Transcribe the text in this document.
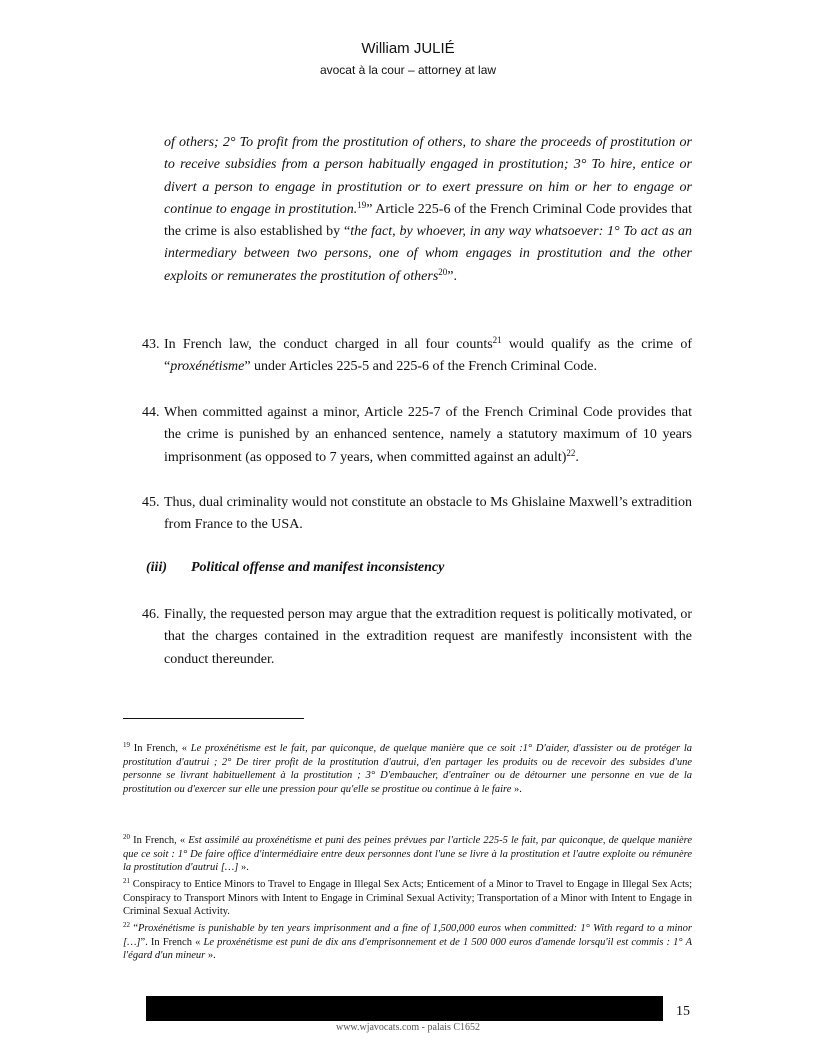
William JULIÉ
avocat à la cour – attorney at law
of others; 2° To profit from the prostitution of others, to share the proceeds of prostitution or to receive subsidies from a person habitually engaged in prostitution; 3° To hire, entice or divert a person to engage in prostitution or to exert pressure on him or her to engage or continue to engage in prostitution.$^{19}$” Article 225-6 of the French Criminal Code provides that the crime is also established by “the fact, by whoever, in any way whatsoever: 1° To act as an intermediary between two persons, one of whom engages in prostitution and the other exploits or remunerates the prostitution of others$^{20}$”.
43. In French law, the conduct charged in all four counts$^{21}$ would qualify as the crime of “proxénétisme” under Articles 225-5 and 225-6 of the French Criminal Code.
44. When committed against a minor, Article 225-7 of the French Criminal Code provides that the crime is punished by an enhanced sentence, namely a statutory maximum of 10 years imprisonment (as opposed to 7 years, when committed against an adult)$^{22}$.
45. Thus, dual criminality would not constitute an obstacle to Ms Ghislaine Maxwell’s extradition from France to the USA.
(iii) Political offense and manifest inconsistency
46. Finally, the requested person may argue that the extradition request is politically motivated, or that the charges contained in the extradition request are manifestly inconsistent with the conduct thereunder.
$^{19}$ In French, « Le proxénétisme est le fait, par quiconque, de quelque manière que ce soit :1° D'aider, d'assister ou de protéger la prostitution d'autrui ; 2° De tirer profit de la prostitution d'autrui, d'en partager les produits ou de recevoir des subsides d'une personne se livrant habituellement à la prostitution ; 3° D'embaucher, d'entraîner ou de détourner une personne en vue de la prostitution ou d'exercer sur elle une pression pour qu'elle se prostitue ou continue à le faire ».
$^{20}$ In French, « Est assimilé au proxénétisme et puni des peines prévues par l'article 225-5 le fait, par quiconque, de quelque manière que ce soit : 1° De faire office d'intermédiaire entre deux personnes dont l'une se livre à la prostitution et l'autre exploite ou rémunère la prostitution d'autrui […] ».
$^{21}$ Conspiracy to Entice Minors to Travel to Engage in Illegal Sex Acts; Enticement of a Minor to Travel to Engage in Illegal Sex Acts; Conspiracy to Transport Minors with Intent to Engage in Criminal Sexual Activity; Transportation of a Minor with Intent to Engage in Criminal Sexual Activity.
$^{22}$ “Proxénétisme is punishable by ten years imprisonment and a fine of 1,500,000 euros when committed: 1° With regard to a minor […]”. In French « Le proxénétisme est puni de dix ans d'emprisonnement et de 1 500 000 euros d'amende lorsqu'il est commis : 1° A l'égard d'un mineur ».
15
www.wjavocats.com - palais C1652
